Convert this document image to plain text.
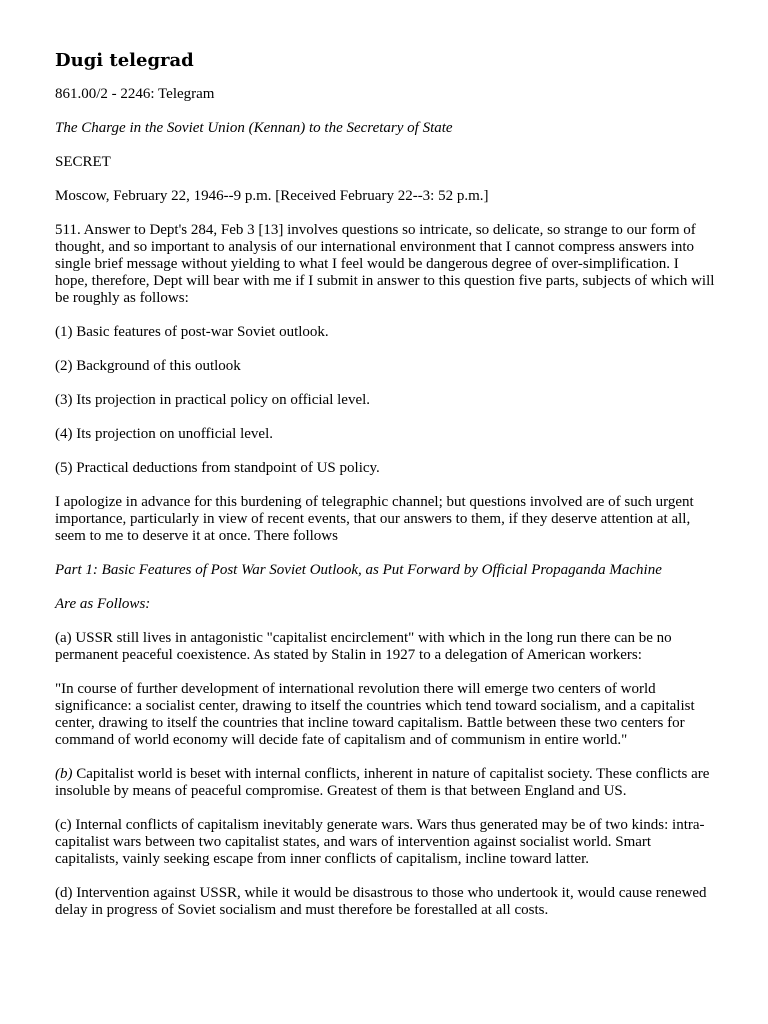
Dugi telegrad

861.00/2 - 2246: Telegram

The Charge in the Soviet Union (Kennan) to the Secretary of State

SECRET

Moscow, February 22, 1946--9 p.m. [Received February 22--3: 52 p.m.]

511. Answer to Dept's 284, Feb 3 [13] involves questions so intricate, so delicate, so strange to our form of thought, and so important to analysis of our international environment that I cannot compress answers into single brief message without yielding to what I feel would be dangerous degree of over-simplification. I hope, therefore, Dept will bear with me if I submit in answer to this question five parts, subjects of which will be roughly as follows:

(1) Basic features of post-war Soviet outlook.

(2) Background of this outlook

(3) Its projection in practical policy on official level.

(4) Its projection on unofficial level.

(5) Practical deductions from standpoint of US policy.

I apologize in advance for this burdening of telegraphic channel; but questions involved are of such urgent importance, particularly in view of recent events, that our answers to them, if they deserve attention at all, seem to me to deserve it at once. There follows

Part 1: Basic Features of Post War Soviet Outlook, as Put Forward by Official Propaganda Machine

Are as Follows:

(a) USSR still lives in antagonistic "capitalist encirclement" with which in the long run there can be no permanent peaceful coexistence. As stated by Stalin in 1927 to a delegation of American workers:

"In course of further development of international revolution there will emerge two centers of world significance: a socialist center, drawing to itself the countries which tend toward socialism, and a capitalist center, drawing to itself the countries that incline toward capitalism. Battle between these two centers for command of world economy will decide fate of capitalism and of communism in entire world."

(b) Capitalist world is beset with internal conflicts, inherent in nature of capitalist society. These conflicts are insoluble by means of peaceful compromise. Greatest of them is that between England and US.

(c) Internal conflicts of capitalism inevitably generate wars. Wars thus generated may be of two kinds: intra-capitalist wars between two capitalist states, and wars of intervention against socialist world. Smart capitalists, vainly seeking escape from inner conflicts of capitalism, incline toward latter.

(d) Intervention against USSR, while it would be disastrous to those who undertook it, would cause renewed delay in progress of Soviet socialism and must therefore be forestalled at all costs.
